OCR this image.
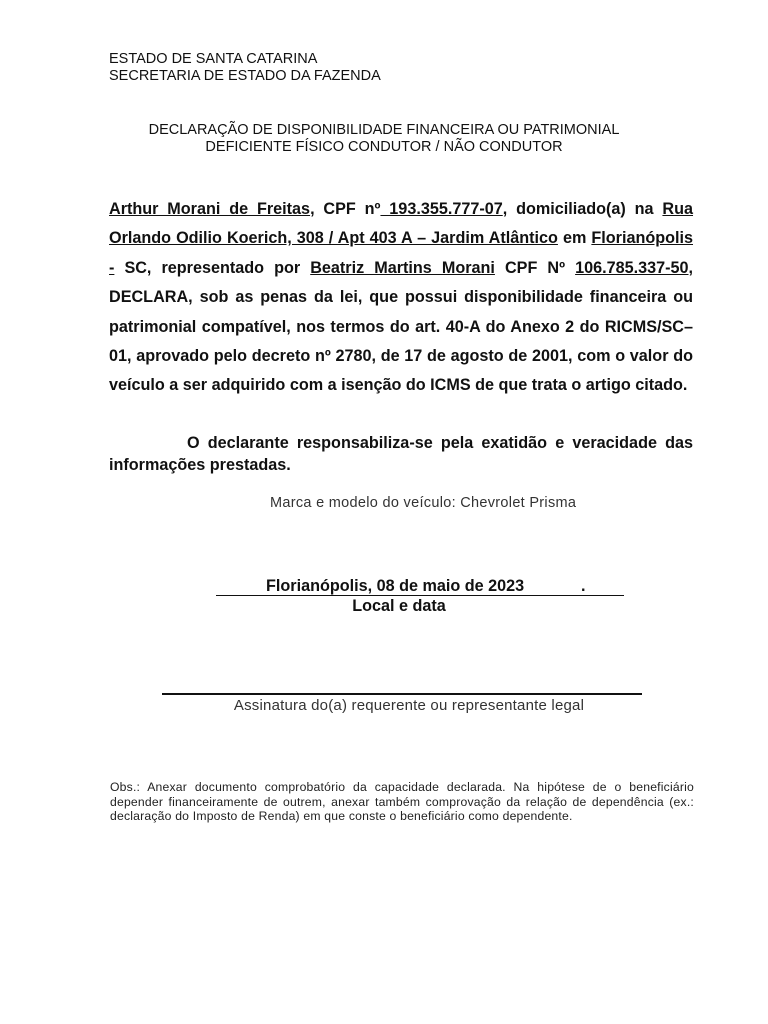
ESTADO DE SANTA CATARINA
SECRETARIA DE ESTADO DA FAZENDA
DECLARAÇÃO DE DISPONIBILIDADE FINANCEIRA OU PATRIMONIAL
DEFICIENTE FÍSICO CONDUTOR / NÃO CONDUTOR

Arthur Morani de Freitas, CPF nº 193.355.777-07, domiciliado(a) na Rua Orlando Odilio Koerich, 308 / Apt 403 A – Jardim Atlântico em Florianópolis - SC, representado por Beatriz Martins Morani CPF Nº 106.785.337-50, DECLARA, sob as penas da lei, que possui disponibilidade financeira ou patrimonial compatível, nos termos do art. 40-A do Anexo 2 do RICMS/SC–01, aprovado pelo decreto nº 2780, de 17 de agosto de 2001, com o valor do veículo a ser adquirido com a isenção do ICMS de que trata o artigo citado.

O declarante responsabiliza-se pela exatidão e veracidade das informações prestadas.
Marca e modelo do veículo: Chevrolet Prisma
Florianópolis, 08 de maio de 2023	.
Local e data
Assinatura do(a) requerente ou representante legal
Obs.: Anexar documento comprobatório da capacidade declarada. Na hipótese de o beneficiário depender financeiramente de outrem, anexar também comprovação da relação de dependência (ex.: declaração do Imposto de Renda) em que conste o beneficiário como dependente.
